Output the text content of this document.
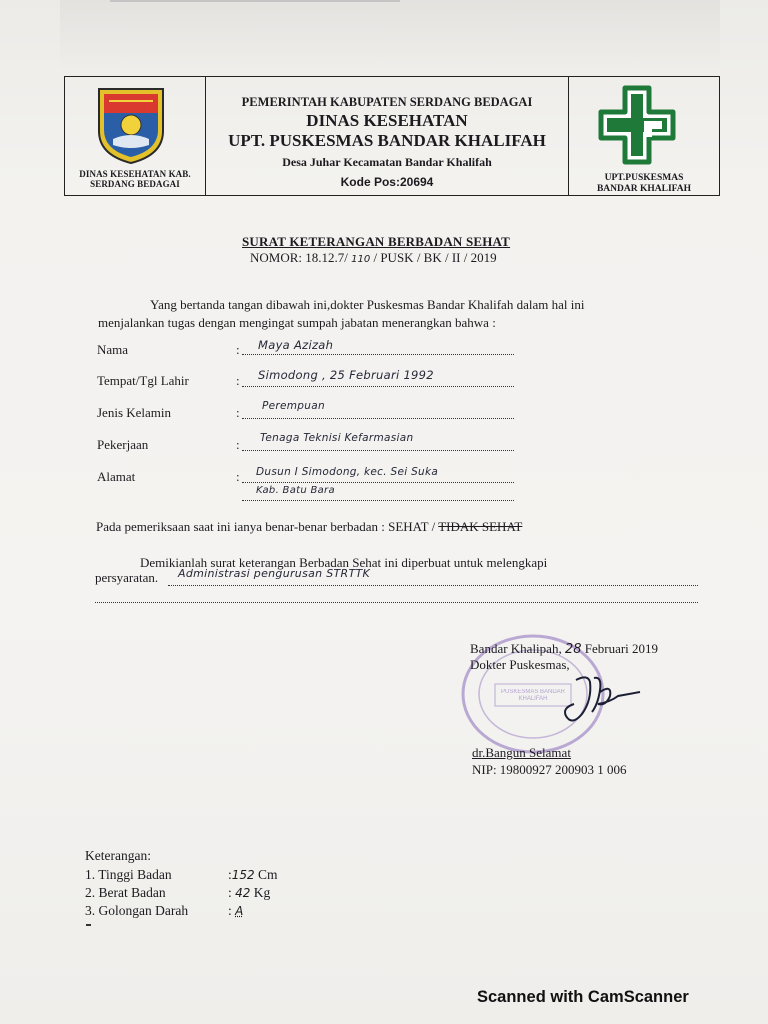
DINAS KESEHATAN KAB.
SERDANG BEDAGAI
PEMERINTAH KABUPATEN SERDANG BEDAGAI
DINAS KESEHATAN
UPT. PUSKESMAS BANDAR KHALIFAH
Desa Juhar Kecamatan Bandar Khalifah
Kode Pos:20694	UPT.PUSKESMAS
BANDAR KHALIFAH
SURAT KETERANGAN BERBADAN SEHAT
NOMOR: 18.12.7/ 110 / PUSK / BK / II / 2019
Yang bertanda tangan dibawah ini,dokter Puskesmas Bandar Khalifah dalam hal ini
menjalankan tugas dengan mengingat sumpah jabatan menerangkan bahwa :
Nama	: Maya Azizah
Tempat/Tgl Lahir	: Simodong , 25 Februari 1992
Jenis Kelamin	: Perempuan
Pekerjaan	: Tenaga Teknisi Kefarmasian
Alamat	: Dusun I Simodong, kec. Sei Suka
Kab. Batu Bara
Pada pemeriksaan saat ini ianya benar-benar berbadan : SEHAT / TIDAK SEHAT
Demikianlah surat keterangan Berbadan Sehat ini diperbuat untuk melengkapi
persyaratan. Administrasi pengurusan STRTTK
PUSKESMAS BANDAR KHALIFAH
Bandar Khalipah, 28 Februari 2019
Dokter Puskesmas,
dr.Bangun Selamat
NIP: 19800927 200903 1 006
Keterangan:
1. Tinggi Badan	:152 Cm
2. Berat Badan	: 42 Kg
3. Golongan Darah	: A
Scanned with CamScanner
